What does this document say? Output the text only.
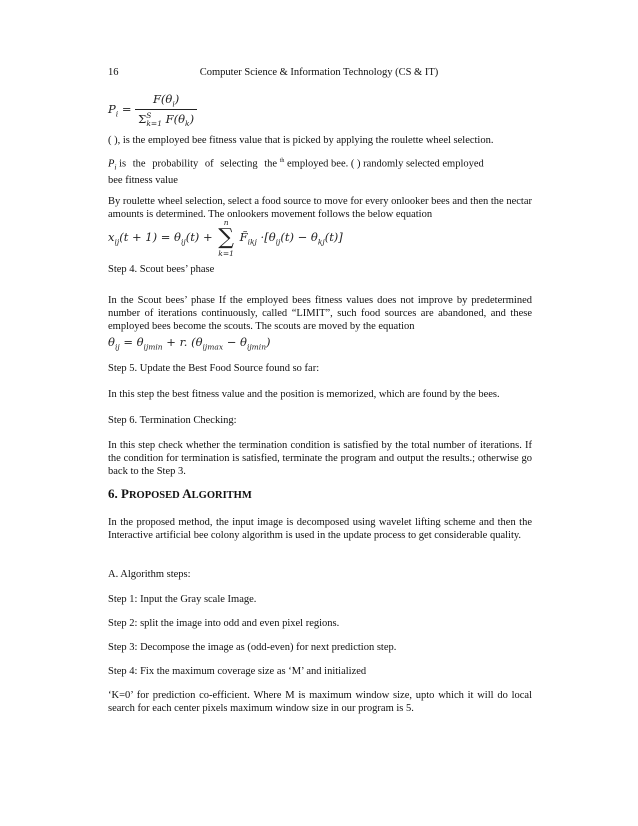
16	Computer Science & Information Technology (CS & IT)
$P_i = \frac{F(\theta_i)}{\Sigma^S_{k=1} F(\theta_k)}$
( ), is the employed bee fitness value that is picked by applying the roulette wheel selection.
$P_i$ is the probability of selecting the $^{th}$ employed bee. ( ) randomly selected employed
bee fitness value
By roulette wheel selection, select a food source to move for every onlooker bees and then the nectar amounts is determined. The onlookers movement follows the below equation
$x_{ij}(t + 1) = \theta_{ij}(t)$ +
n
∑
k=1
$F̃_{ikj} \cdot[\theta_{ij}(t) - \theta_{kj}(t)]$
Step 4. Scout bees’ phase
In the Scout bees’ phase If the employed bees fitness values does not improve by predetermined number of iterations continuously, called “LIMIT”, such food sources are abandoned, and these employed bees become the scouts. The scouts are moved by the equation
$\theta_{ij} = \theta_{ijmin} + r$. $(\theta_{ijmax} - \theta_{ijmin})$
Step 5. Update the Best Food Source found so far:
In this step the best fitness value and the position is memorized, which are found by the bees.
Step 6. Termination Checking:
In this step check whether the termination condition is satisfied by the total number of iterations. If the condition for termination is satisfied, terminate the program and output the results.; otherwise go back to the Step 3.
6. PROPOSED ALGORITHM
In the proposed method, the input image is decomposed using wavelet lifting scheme and then the Interactive artificial bee colony algorithm is used in the update process to get considerable quality.
A. Algorithm steps:
Step 1: Input the Gray scale Image.
Step 2: split the image into odd and even pixel regions.
Step 3: Decompose the image as (odd-even) for next prediction step.
Step 4: Fix the maximum coverage size as ‘M’ and initialized
‘K=0’ for prediction co-efficient. Where M is maximum window size, upto which it will do local search for each center pixels maximum window size in our program is 5.
